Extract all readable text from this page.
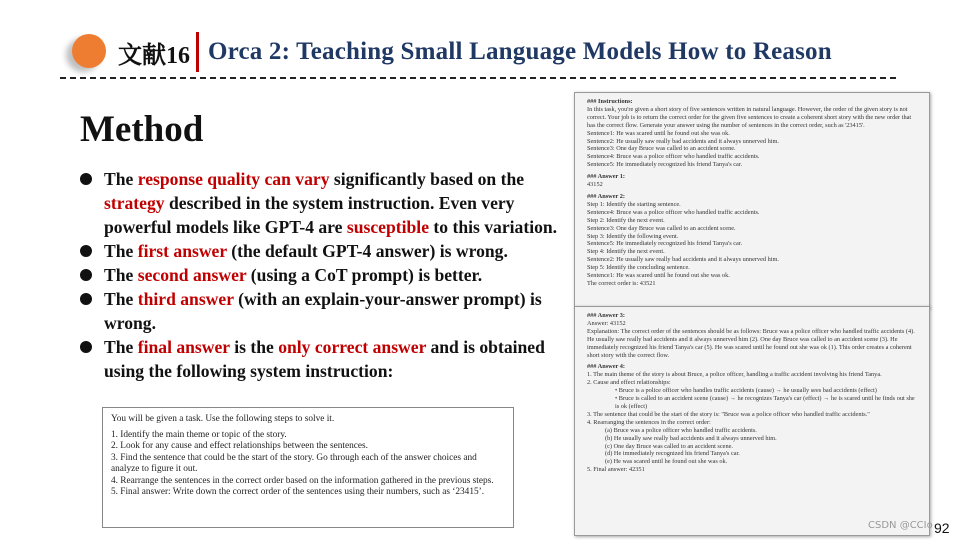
文献16 Orca 2: Teaching Small Language Models How to Reason
Method
The response quality can vary significantly based on the strategy described in the system instruction. Even very powerful models like GPT-4 are susceptible to this variation.
The first answer (the default GPT-4 answer) is wrong.
The second answer (using a CoT prompt) is better.
The third answer (with an explain-your-answer prompt) is wrong.
The final answer is the only correct answer and is obtained using the following system instruction:

You will be given a task. Use the following steps to solve it.

1. Identify the main theme or topic of the story.
2. Look for any cause and effect relationships between the sentences.
3. Find the sentence that could be the start of the story. Go through each of the answer choices and analyze to figure it out.
4. Rearrange the sentences in the correct order based on the information gathered in the previous steps.
5. Final answer: Write down the correct order of the sentences using their numbers, such as ‘23415’.
### Instructions:
In this task, you're given a short story of five sentences written in natural language. However, the order of the given story is not correct. Your job is to return the correct order for the given five sentences to create a coherent short story with the new order that has the correct flow. Generate your answer using the number of sentences in the correct order, such as '23415'.
Sentence1: He was scared until he found out she was ok.
Sentence2: He usually saw really bad accidents and it always unnerved him.
Sentence3: One day Bruce was called to an accident scene.
Sentence4: Bruce was a police officer who handled traffic accidents.
Sentence5: He immediately recognized his friend Tanya's car.
### Answer 1:
43152
### Answer 2:
Step 1: Identify the starting sentence.
Sentence4: Bruce was a police officer who handled traffic accidents.
Step 2: Identify the next event.
Sentence3: One day Bruce was called to an accident scene.
Step 3: Identify the following event.
Sentence5: He immediately recognized his friend Tanya's car.
Step 4: Identify the next event.
Sentence2: He usually saw really bad accidents and it always unnerved him.
Step 5: Identify the concluding sentence.
Sentence1: He was scared until he found out she was ok.
The correct order is: 43521
### Answer 3:
Answer: 43152
Explanation: The correct order of the sentences should be as follows: Bruce was a police officer who handled traffic accidents (4). He usually saw really bad accidents and it always unnerved him (2). One day Bruce was called to an accident scene (3). He immediately recognized his friend Tanya's car (5). He was scared until he found out she was ok (1). This order creates a coherent short story with the correct flow.
### Answer 4:
1. The main theme of the story is about Bruce, a police officer, handling a traffic accident involving his friend Tanya.
2. Cause and effect relationships:
• Bruce is a police officer who handles traffic accidents (cause) → he usually sees bad accidents (effect)
• Bruce is called to an accident scene (cause) → he recognizes Tanya's car (effect) → he is scared until he finds out she is ok (effect)
3. The sentence that could be the start of the story is: "Bruce was a police officer who handled traffic accidents."
4. Rearranging the sentences in the correct order:
(a) Bruce was a police officer who handled traffic accidents.
(b) He usually saw really bad accidents and it always unnerved him.
(c) One day Bruce was called to an accident scene.
(d) He immediately recognized his friend Tanya's car.
(e) He was scared until he found out she was ok.
5. Final answer: 42351
CSDN @CCIo 92
